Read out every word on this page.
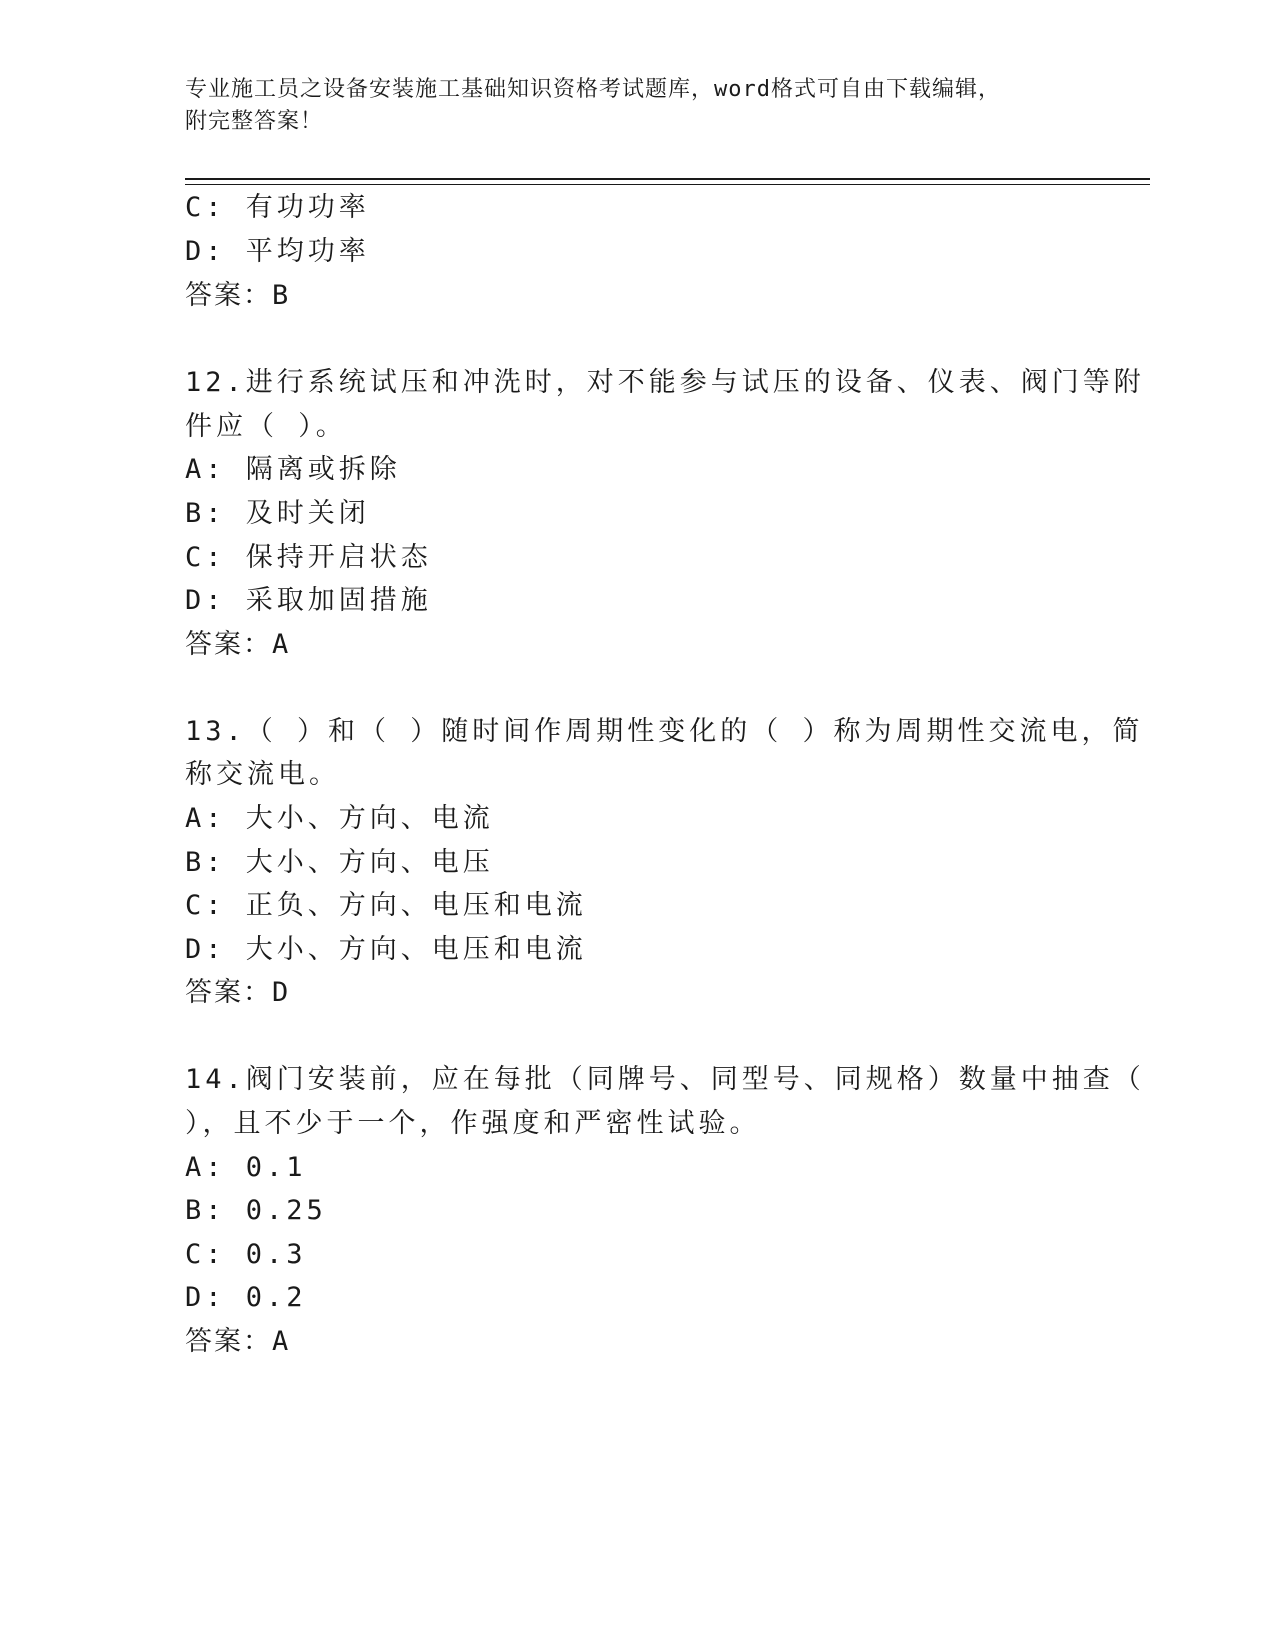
专业施工员之设备安装施工基础知识资格考试题库，word格式可自由下载编辑，
附完整答案！
C: 有功功率
D: 平均功率
答案：B
12.进行系统试压和冲洗时，对不能参与试压的设备、仪表、阀门等附
件应（ ）。
A: 隔离或拆除
B: 及时关闭
C: 保持开启状态
D: 采取加固措施
答案：A
13.（ ）和（ ）随时间作周期性变化的（ ）称为周期性交流电，简
称交流电。
A: 大小、方向、电流
B: 大小、方向、电压
C: 正负、方向、电压和电流
D: 大小、方向、电压和电流
答案：D
14.阀门安装前，应在每批（同牌号、同型号、同规格）数量中抽查（
），且不少于一个，作强度和严密性试验。
A: 0.1
B: 0.25
C: 0.3
D: 0.2
答案：A
